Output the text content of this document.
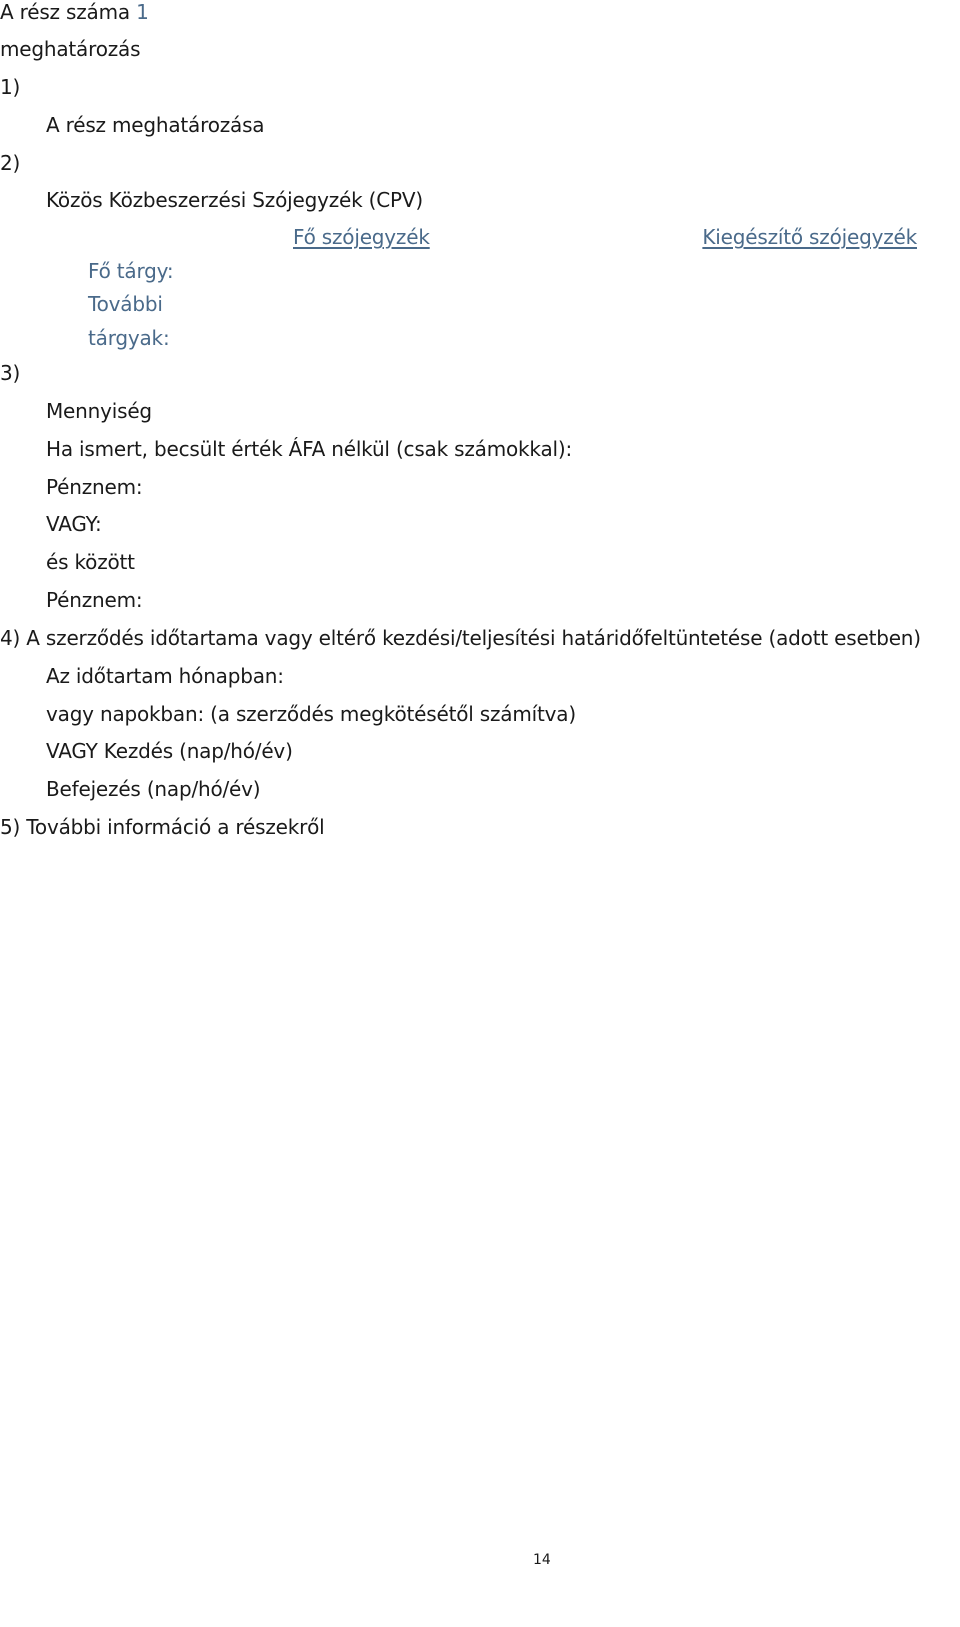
A rész száma 1
meghatározás
1)
A rész meghatározása
2)
Közös Közbeszerzési Szójegyzék (CPV)
Fő szójegyzék	Kiegészítő szójegyzék
Fő tárgy:
További
tárgyak:
3)
Mennyiség
Ha ismert, becsült érték ÁFA nélkül (csak számokkal):
Pénznem:
VAGY:
és között
Pénznem:
4) A szerződés időtartama vagy eltérő kezdési/teljesítési határidőfeltüntetése (adott esetben)
Az időtartam hónapban:
vagy napokban: (a szerződés megkötésétől számítva)
VAGY Kezdés (nap/hó/év)
Befejezés (nap/hó/év)
5) További információ a részekről
14
